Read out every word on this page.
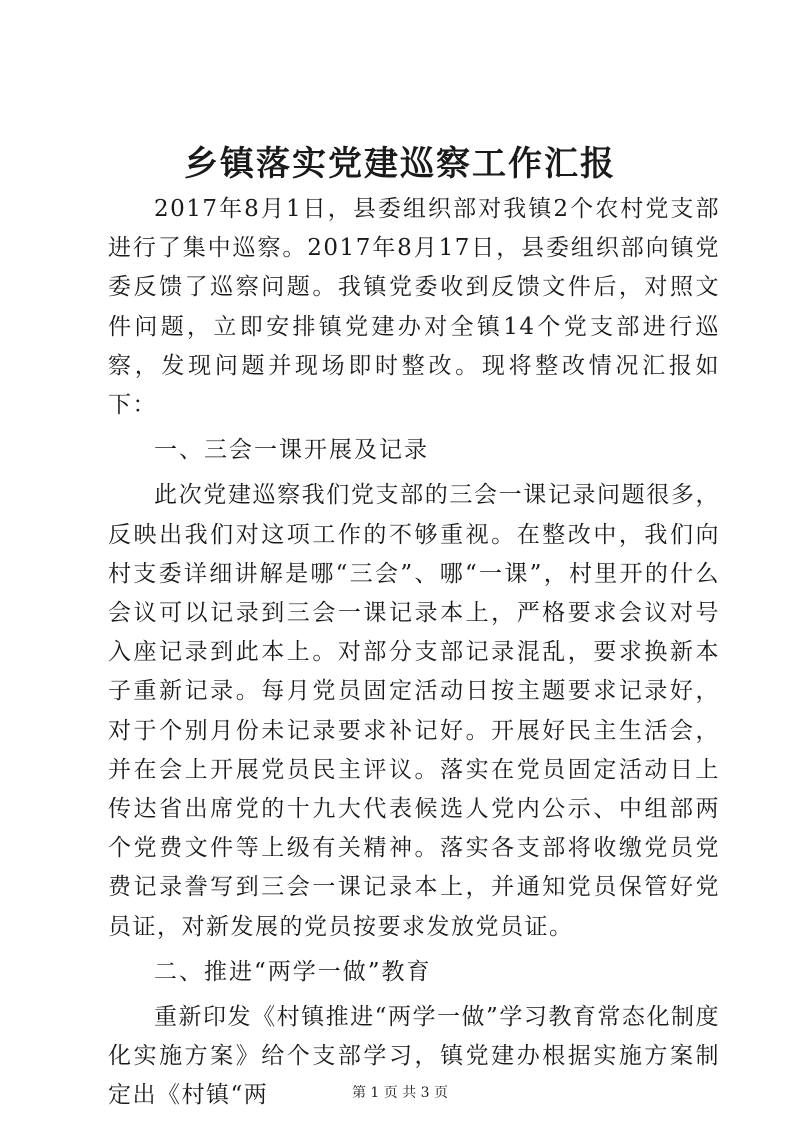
乡镇落实党建巡察工作汇报

2017年8月1日，县委组织部对我镇2个农村党支部进行了集中巡察。2017年8月17日，县委组织部向镇党委反馈了巡察问题。我镇党委收到反馈文件后，对照文件问题，立即安排镇党建办对全镇14个党支部进行巡察，发现问题并现场即时整改。现将整改情况汇报如下：

一、三会一课开展及记录

此次党建巡察我们党支部的三会一课记录问题很多，反映出我们对这项工作的不够重视。在整改中，我们向村支委详细讲解是哪“三会”、哪“一课”，村里开的什么会议可以记录到三会一课记录本上，严格要求会议对号入座记录到此本上。对部分支部记录混乱，要求换新本子重新记录。每月党员固定活动日按主题要求记录好，对于个别月份未记录要求补记好。开展好民主生活会，并在会上开展党员民主评议。落实在党员固定活动日上传达省出席党的十九大代表候选人党内公示、中组部两个党费文件等上级有关精神。落实各支部将收缴党员党费记录誊写到三会一课记录本上，并通知党员保管好党员证，对新发展的党员按要求发放党员证。

二、推进“两学一做”教育

重新印发《村镇推进“两学一做”学习教育常态化制度化实施方案》给个支部学习，镇党建办根据实施方案制定出《村镇“两	第 1 页 共 3 页
